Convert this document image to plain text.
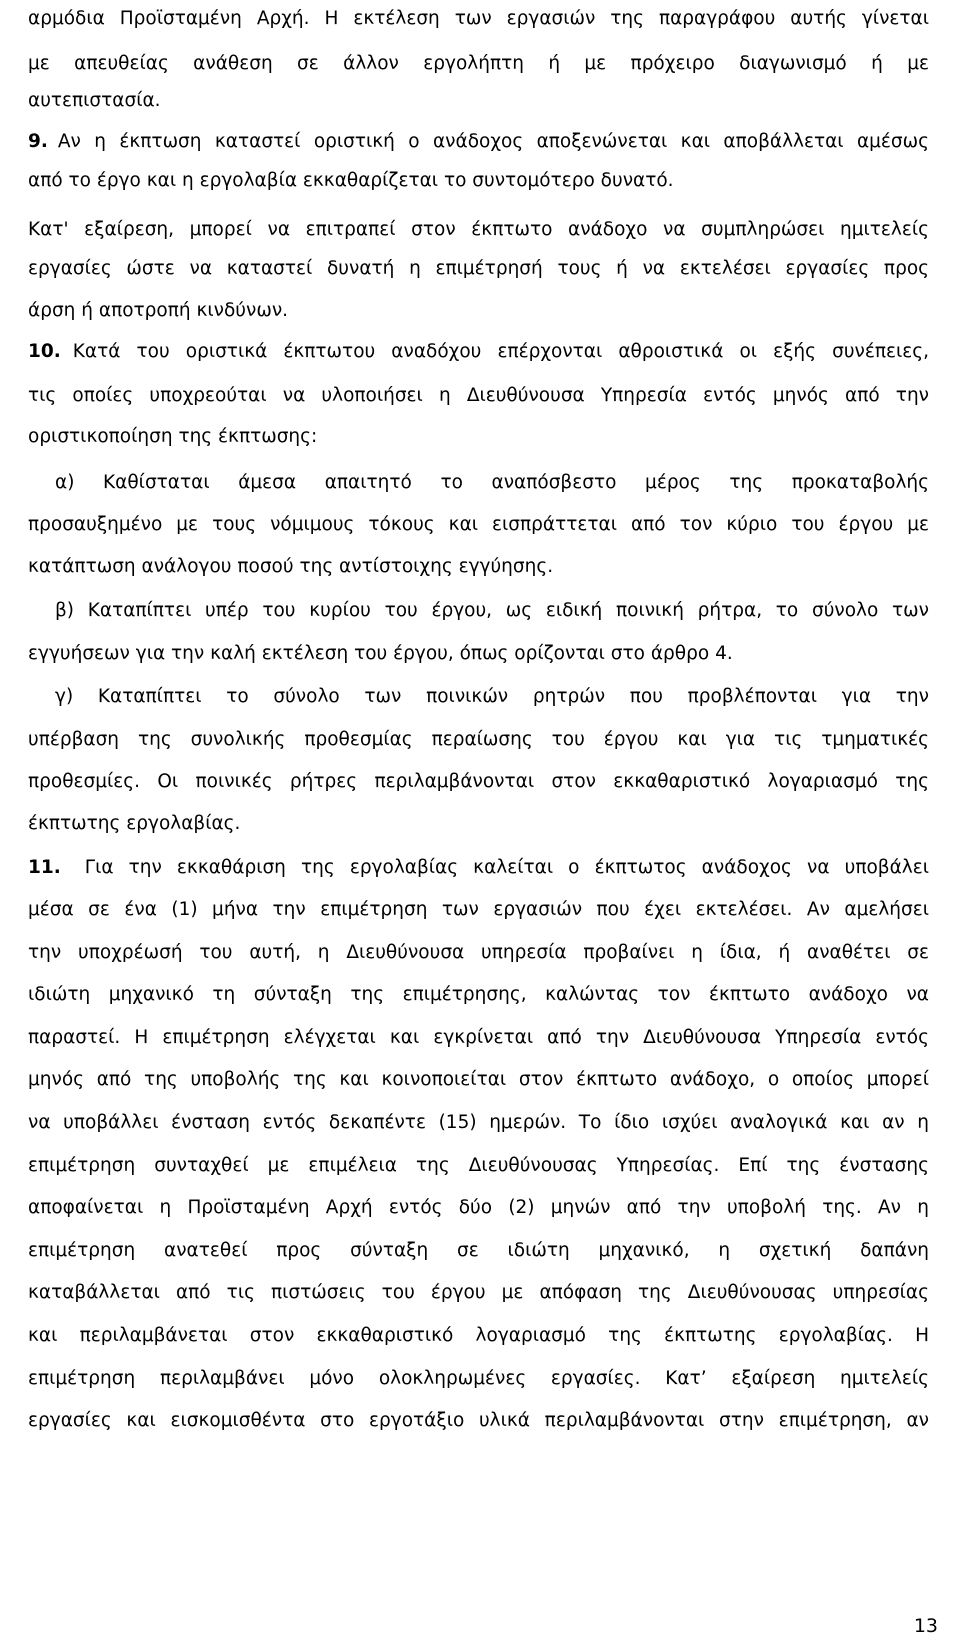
αρμόδια Προϊσταμένη Αρχή. Η εκτέλεση των εργασιών της παραγράφου αυτής γίνεται
με απευθείας ανάθεση σε άλλον εργολήπτη ή με πρόχειρο διαγωνισμό ή με
αυτεπιστασία.
9. Αν η έκπτωση καταστεί οριστική ο ανάδοχος αποξενώνεται και αποβάλλεται αμέσως
από το έργο και η εργολαβία εκκαθαρίζεται το συντομότερο δυνατό.
Κατ' εξαίρεση, μπορεί να επιτραπεί στον έκπτωτο ανάδοχο να συμπληρώσει ημιτελείς
εργασίες ώστε να καταστεί δυνατή η επιμέτρησή τους ή να εκτελέσει εργασίες προς
άρση ή αποτροπή κινδύνων.
10. Κατά του οριστικά έκπτωτου αναδόχου επέρχονται αθροιστικά οι εξής συνέπειες,
τις οποίες υποχρεούται να υλοποιήσει η Διευθύνουσα Υπηρεσία εντός μηνός από την
οριστικοποίηση της έκπτωσης:
α) Καθίσταται άμεσα απαιτητό το αναπόσβεστο μέρος της προκαταβολής
προσαυξημένο με τους νόμιμους τόκους και εισπράττεται από τον κύριο του έργου με
κατάπτωση ανάλογου ποσού της αντίστοιχης εγγύησης.
β) Καταπίπτει υπέρ του κυρίου του έργου, ως ειδική ποινική ρήτρα, το σύνολο των
εγγυήσεων για την καλή εκτέλεση του έργου, όπως ορίζονται στο άρθρο 4.
γ) Καταπίπτει το σύνολο των ποινικών ρητρών που προβλέπονται για την
υπέρβαση της συνολικής προθεσμίας περαίωσης του έργου και για τις τμηματικές
προθεσμίες. Οι ποινικές ρήτρες περιλαμβάνονται στον εκκαθαριστικό λογαριασμό της
έκπτωτης εργολαβίας.
11. Για την εκκαθάριση της εργολαβίας καλείται ο έκπτωτος ανάδοχος να υποβάλει
μέσα σε ένα (1) μήνα την επιμέτρηση των εργασιών που έχει εκτελέσει. Αν αμελήσει
την υποχρέωσή του αυτή, η Διευθύνουσα υπηρεσία προβαίνει η ίδια, ή αναθέτει σε
ιδιώτη μηχανικό τη σύνταξη της επιμέτρησης, καλώντας τον έκπτωτο ανάδοχο να
παραστεί. Η επιμέτρηση ελέγχεται και εγκρίνεται από την Διευθύνουσα Υπηρεσία εντός
μηνός από της υποβολής της και κοινοποιείται στον έκπτωτο ανάδοχο, ο οποίος μπορεί
να υποβάλλει ένσταση εντός δεκαπέντε (15) ημερών. Το ίδιο ισχύει αναλογικά και αν η
επιμέτρηση συνταχθεί με επιμέλεια της Διευθύνουσας Υπηρεσίας. Επί της ένστασης
αποφαίνεται η Προϊσταμένη Αρχή εντός δύο (2) μηνών από την υποβολή της. Αν η
επιμέτρηση ανατεθεί προς σύνταξη σε ιδιώτη μηχανικό, η σχετική δαπάνη
καταβάλλεται από τις πιστώσεις του έργου με απόφαση της Διευθύνουσας υπηρεσίας
και περιλαμβάνεται στον εκκαθαριστικό λογαριασμό της έκπτωτης εργολαβίας. Η
επιμέτρηση περιλαμβάνει μόνο ολοκληρωμένες εργασίες. Κατ’ εξαίρεση ημιτελείς
εργασίες και εισκομισθέντα στο εργοτάξιο υλικά περιλαμβάνονται στην επιμέτρηση, αν
13
